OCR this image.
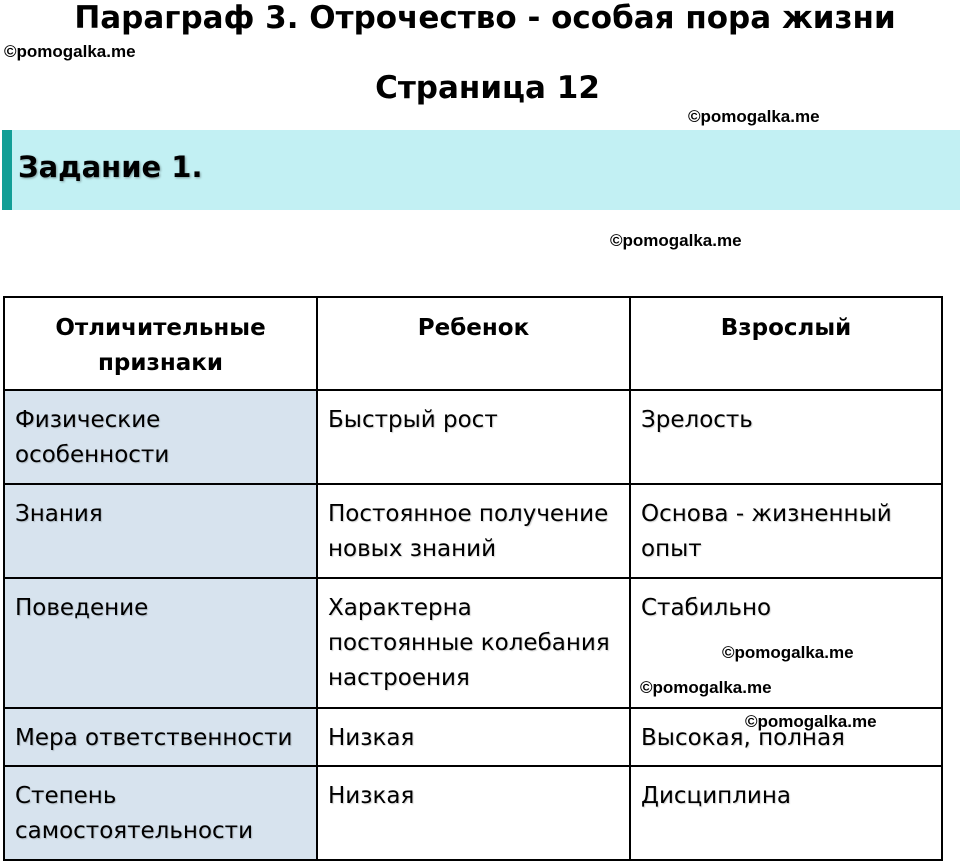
Параграф 3. Отрочество - особая пора жизни
Страница 12
©pomogalka.me
©pomogalka.me
©pomogalka.me
Задание 1.
Отличительные признаки	Ребенок	Взрослый
Физические особенности	Быстрый рост	Зрелость
Знания	Постоянное получение новых знаний	Основа - жизненный опыт
Поведение	Характерна постоянные колебания настроения	Стабильно
Мера ответственности	Низкая	Высокая, полная
Степень самостоятельности	Низкая	Дисциплина
©pomogalka.me
©pomogalka.me
©pomogalka.me
